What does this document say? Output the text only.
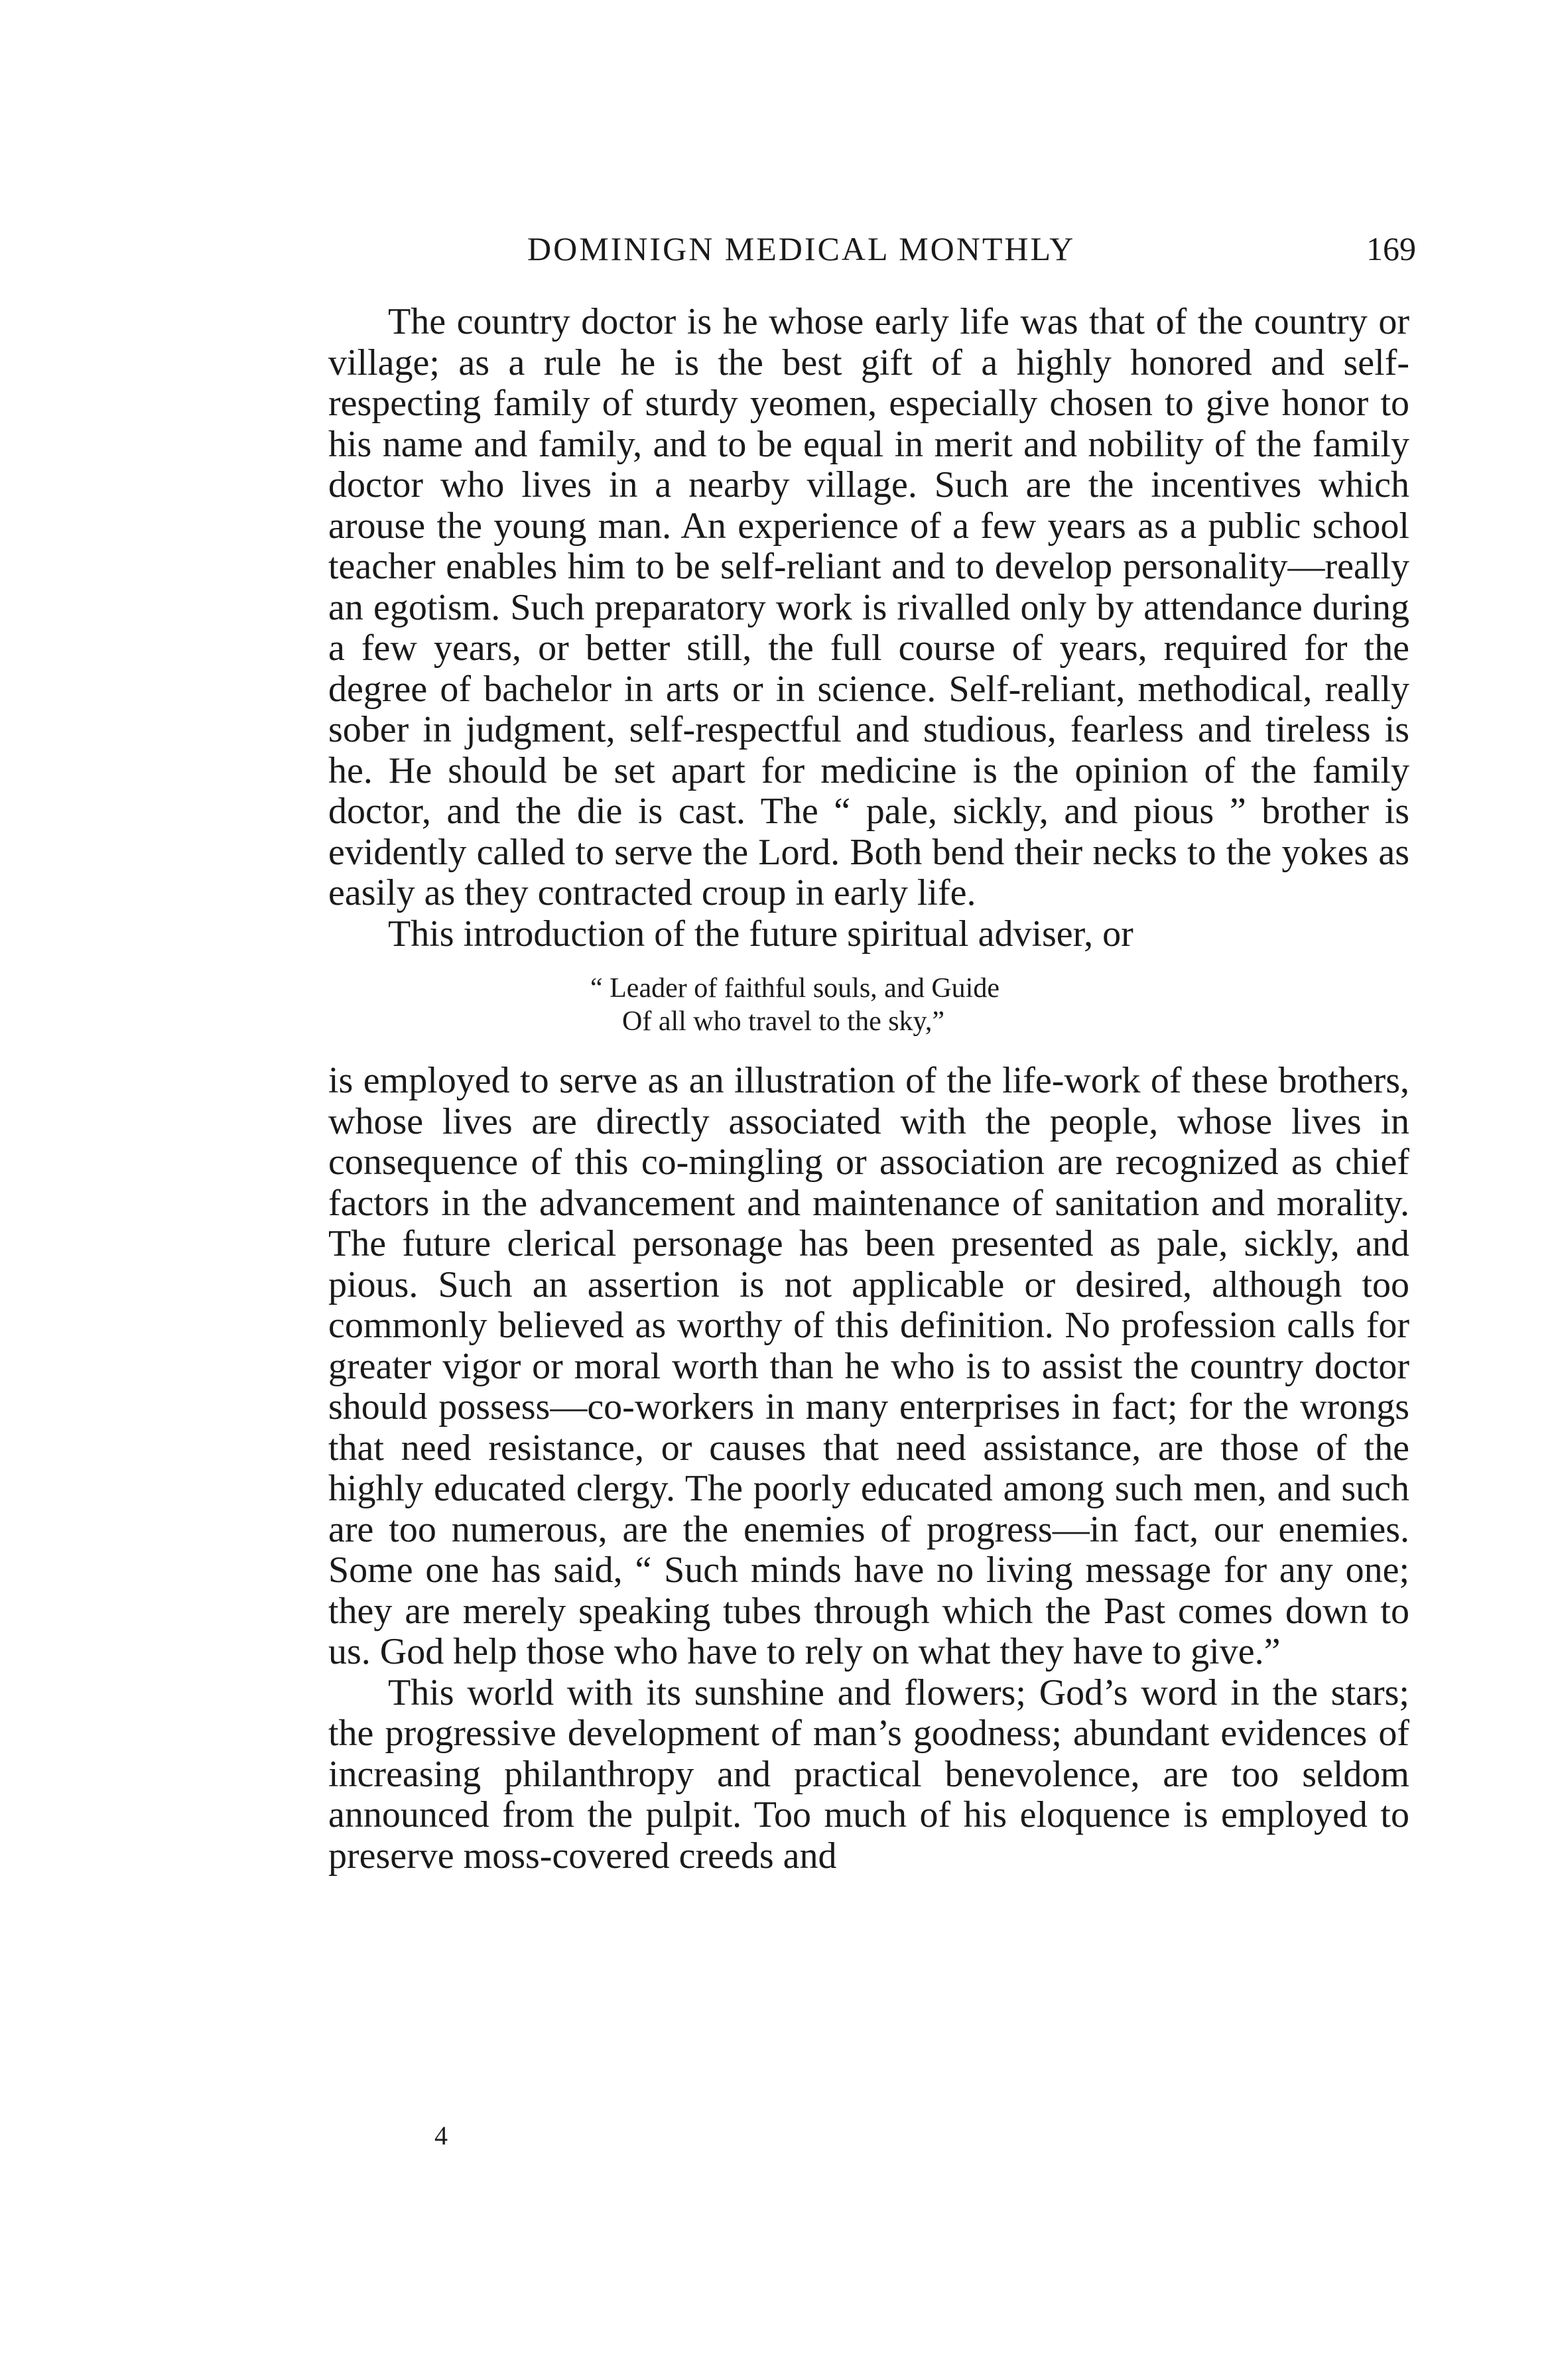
DOMINIGN MEDICAL MONTHLY	169

The country doctor is he whose early life was that of the country or village; as a rule he is the best gift of a highly honored and self-respecting family of sturdy yeomen, especially chosen to give honor to his name and family, and to be equal in merit and nobility of the family doctor who lives in a nearby village. Such are the incentives which arouse the young man. An experience of a few years as a public school teacher enables him to be self-reliant and to develop personality—really an egotism. Such preparatory work is rivalled only by attendance during a few years, or better still, the full course of years, required for the degree of bachelor in arts or in science. Self-reliant, methodical, really sober in judgment, self-respectful and studious, fearless and tireless is he. He should be set apart for medicine is the opinion of the family doctor, and the die is cast. The “ pale, sickly, and pious ” brother is evidently called to serve the Lord. Both bend their necks to the yokes as easily as they contracted croup in early life.

This introduction of the future spiritual adviser, or

“ Leader of faithful souls, and Guide
Of all who travel to the sky,”

is employed to serve as an illustration of the life-work of these brothers, whose lives are directly associated with the people, whose lives in consequence of this co-mingling or association are recognized as chief factors in the advancement and maintenance of sanitation and morality. The future clerical personage has been presented as pale, sickly, and pious. Such an assertion is not applicable or desired, although too commonly believed as worthy of this definition. No profession calls for greater vigor or moral worth than he who is to assist the country doctor should possess—co-workers in many enterprises in fact; for the wrongs that need resistance, or causes that need assistance, are those of the highly educated clergy. The poorly educated among such men, and such are too numerous, are the enemies of progress—in fact, our enemies. Some one has said, “ Such minds have no living message for any one; they are merely speaking tubes through which the Past comes down to us. God help those who have to rely on what they have to give.”

This world with its sunshine and flowers; God’s word in the stars; the progressive development of man’s goodness; abundant evidences of increasing philanthropy and practical benevolence, are too seldom announced from the pulpit. Too much of his eloquence is employed to preserve moss-covered creeds and

4
